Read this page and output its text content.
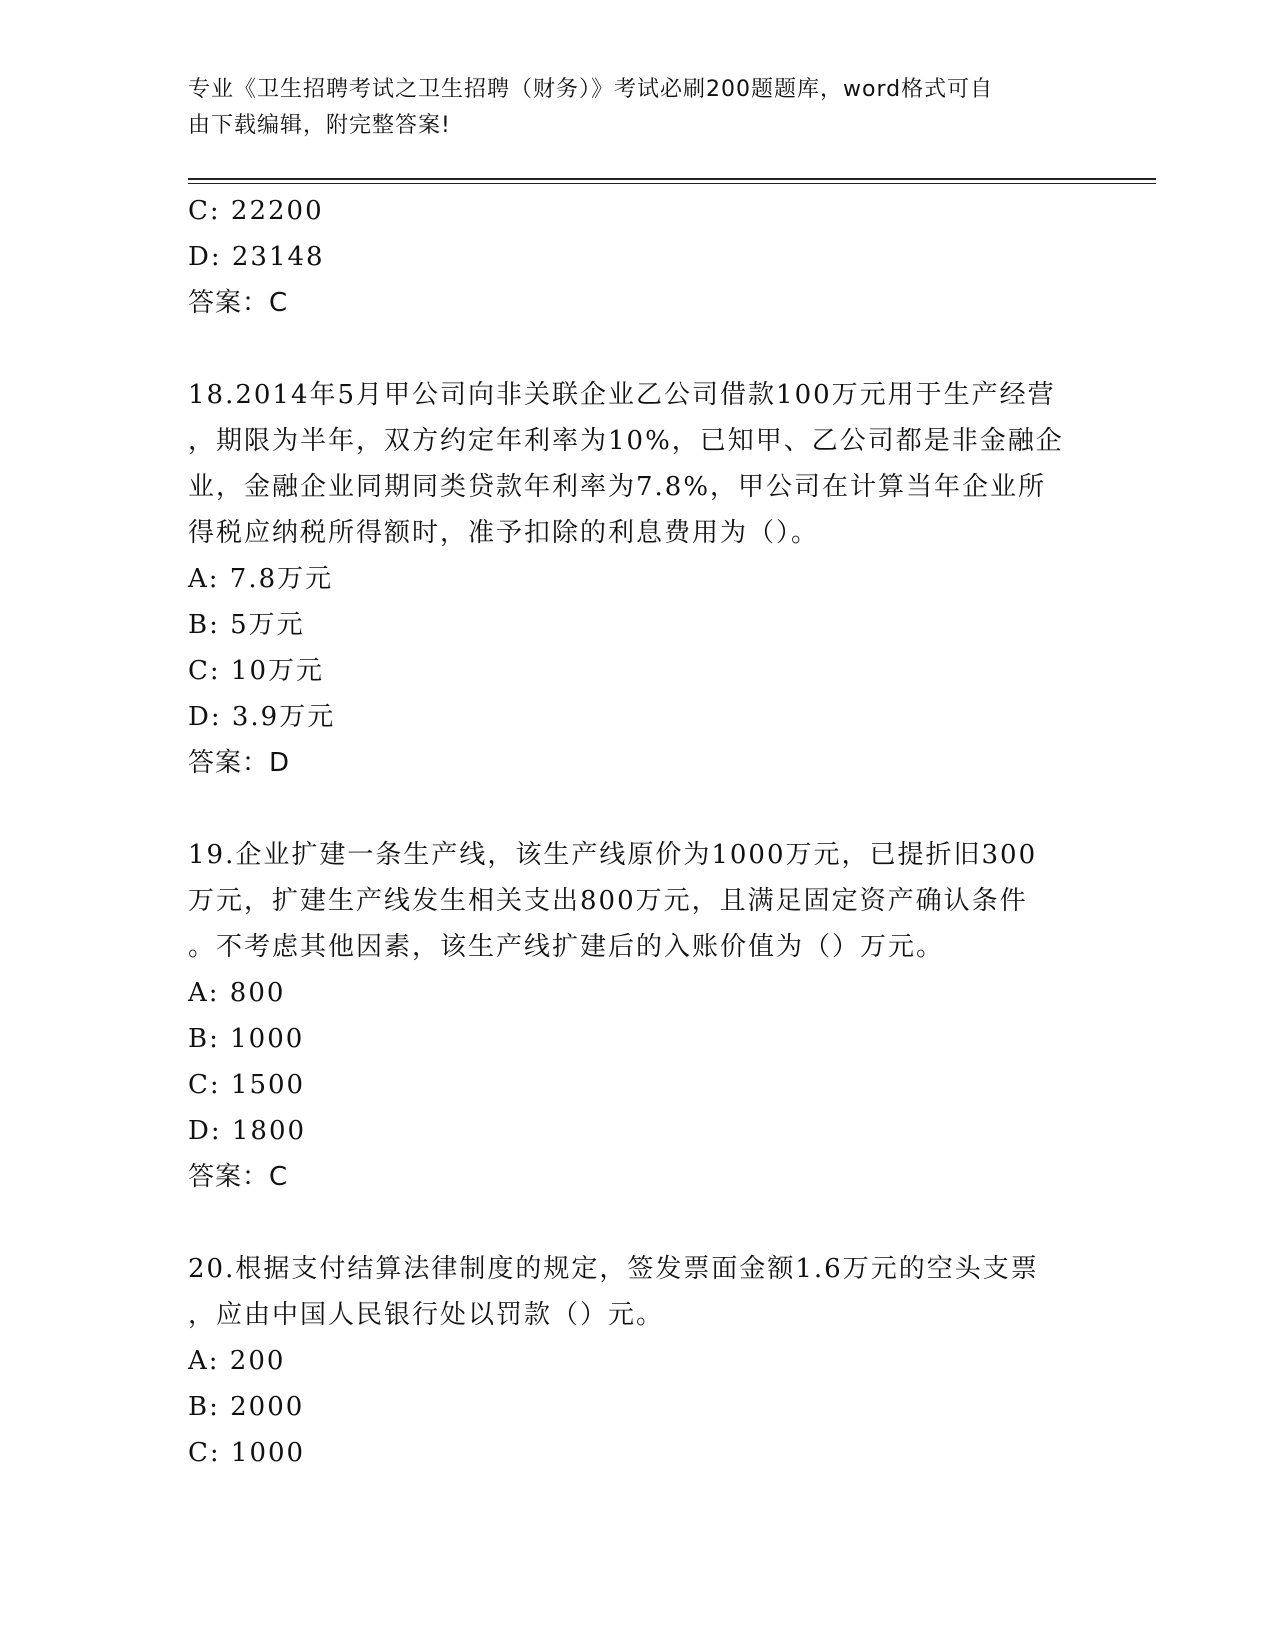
专业《卫生招聘考试之卫生招聘（财务）》考试必刷200题题库，word格式可自
由下载编辑，附完整答案!
C: 22200
D: 23148
答案：C
18.2014年5月甲公司向非关联企业乙公司借款100万元用于生产经营
，期限为半年，双方约定年利率为10%，已知甲、乙公司都是非金融企
业，金融企业同期同类贷款年利率为7.8%，甲公司在计算当年企业所
得税应纳税所得额时，准予扣除的利息费用为（）。
A: 7.8万元
B: 5万元
C: 10万元
D: 3.9万元
答案：D
19.企业扩建一条生产线，该生产线原价为1000万元，已提折旧300
万元，扩建生产线发生相关支出800万元，且满足固定资产确认条件
。不考虑其他因素，该生产线扩建后的入账价值为（）万元。
A: 800
B: 1000
C: 1500
D: 1800
答案：C
20.根据支付结算法律制度的规定，签发票面金额1.6万元的空头支票
，应由中国人民银行处以罚款（）元。
A: 200
B: 2000
C: 1000
